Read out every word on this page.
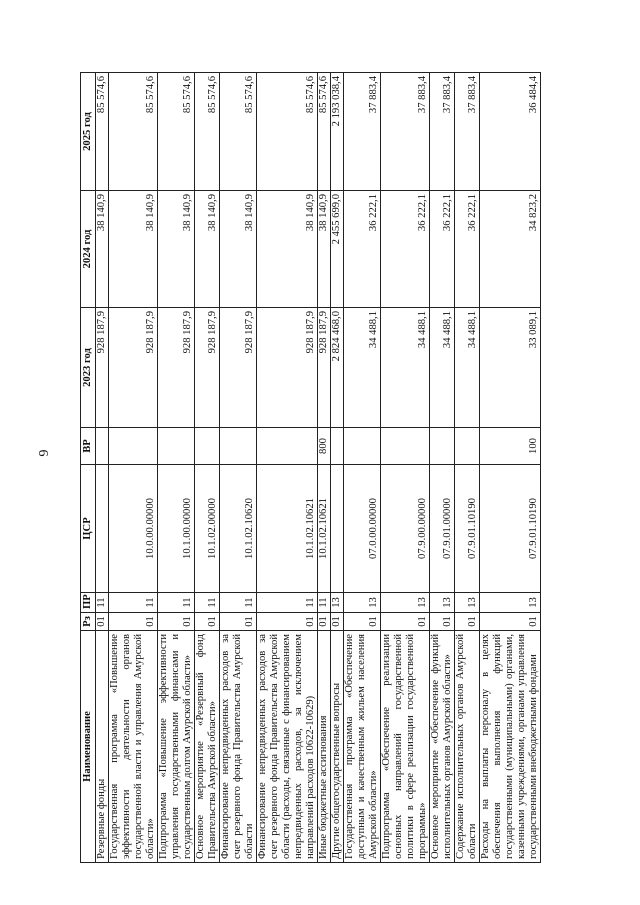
6
Наименование	Рз	ПР	ЦСР	ВР	2023 год	2024 год	2025 год
Резервные фонды	01	11			928 187,9	38 140,9	85 574,6
Государственная программа «Повышение эффективности деятельности органов государственной власти и управления Амурской области»	01	11	10.0.00.00000		928 187,9	38 140,9	85 574,6
Подпрограмма «Повышение эффективности управления государственными финансами и государственным долгом Амурской области»	01	11	10.1.00.00000		928 187,9	38 140,9	85 574,6
Основное мероприятие «Резервный фонд Правительства Амурской области»	01	11	10.1.02.00000		928 187,9	38 140,9	85 574,6
Финансирование непредвиденных расходов за счет резервного фонда Правительства Амурской области	01	11	10.1.02.10620		928 187,9	38 140,9	85 574,6
Финансирование непредвиденных расходов за счет резервного фонда Правительства Амурской области (расходы, связанные с финансированием непредвиденных расходов, за исключением направлений расходов 10622-10629)	01	11	10.1.02.10621		928 187,9	38 140,9	85 574,6
Иные бюджетные ассигнования	01	11	10.1.02.10621	800	928 187,9	38 140,9	85 574,6
Другие общегосударственные вопросы	01	13			2 824 468,0	2 455 699,0	2 193 038,4
Государственная программа «Обеспечение доступным и качественным жильем населения Амурской области»	01	13	07.0.00.00000		34 488,1	36 222,1	37 883,4
Подпрограмма «Обеспечение реализации основных направлений государственной политики в сфере реализации государственной программы»	01	13	07.9.00.00000		34 488,1	36 222,1	37 883,4
Основное мероприятие «Обеспечение функций исполнительных органов Амурской области»	01	13	07.9.01.00000		34 488,1	36 222,1	37 883,4
Содержание исполнительных органов Амурской области	01	13	07.9.01.10190		34 488,1	36 222,1	37 883,4
Расходы на выплаты персоналу в целях обеспечения выполнения функций государственными (муниципальными) органами, казенными учреждениями, органами управления государственными внебюджетными фондами	01	13	07.9.01.10190	100	33 089,1	34 823,2	36 484,4
